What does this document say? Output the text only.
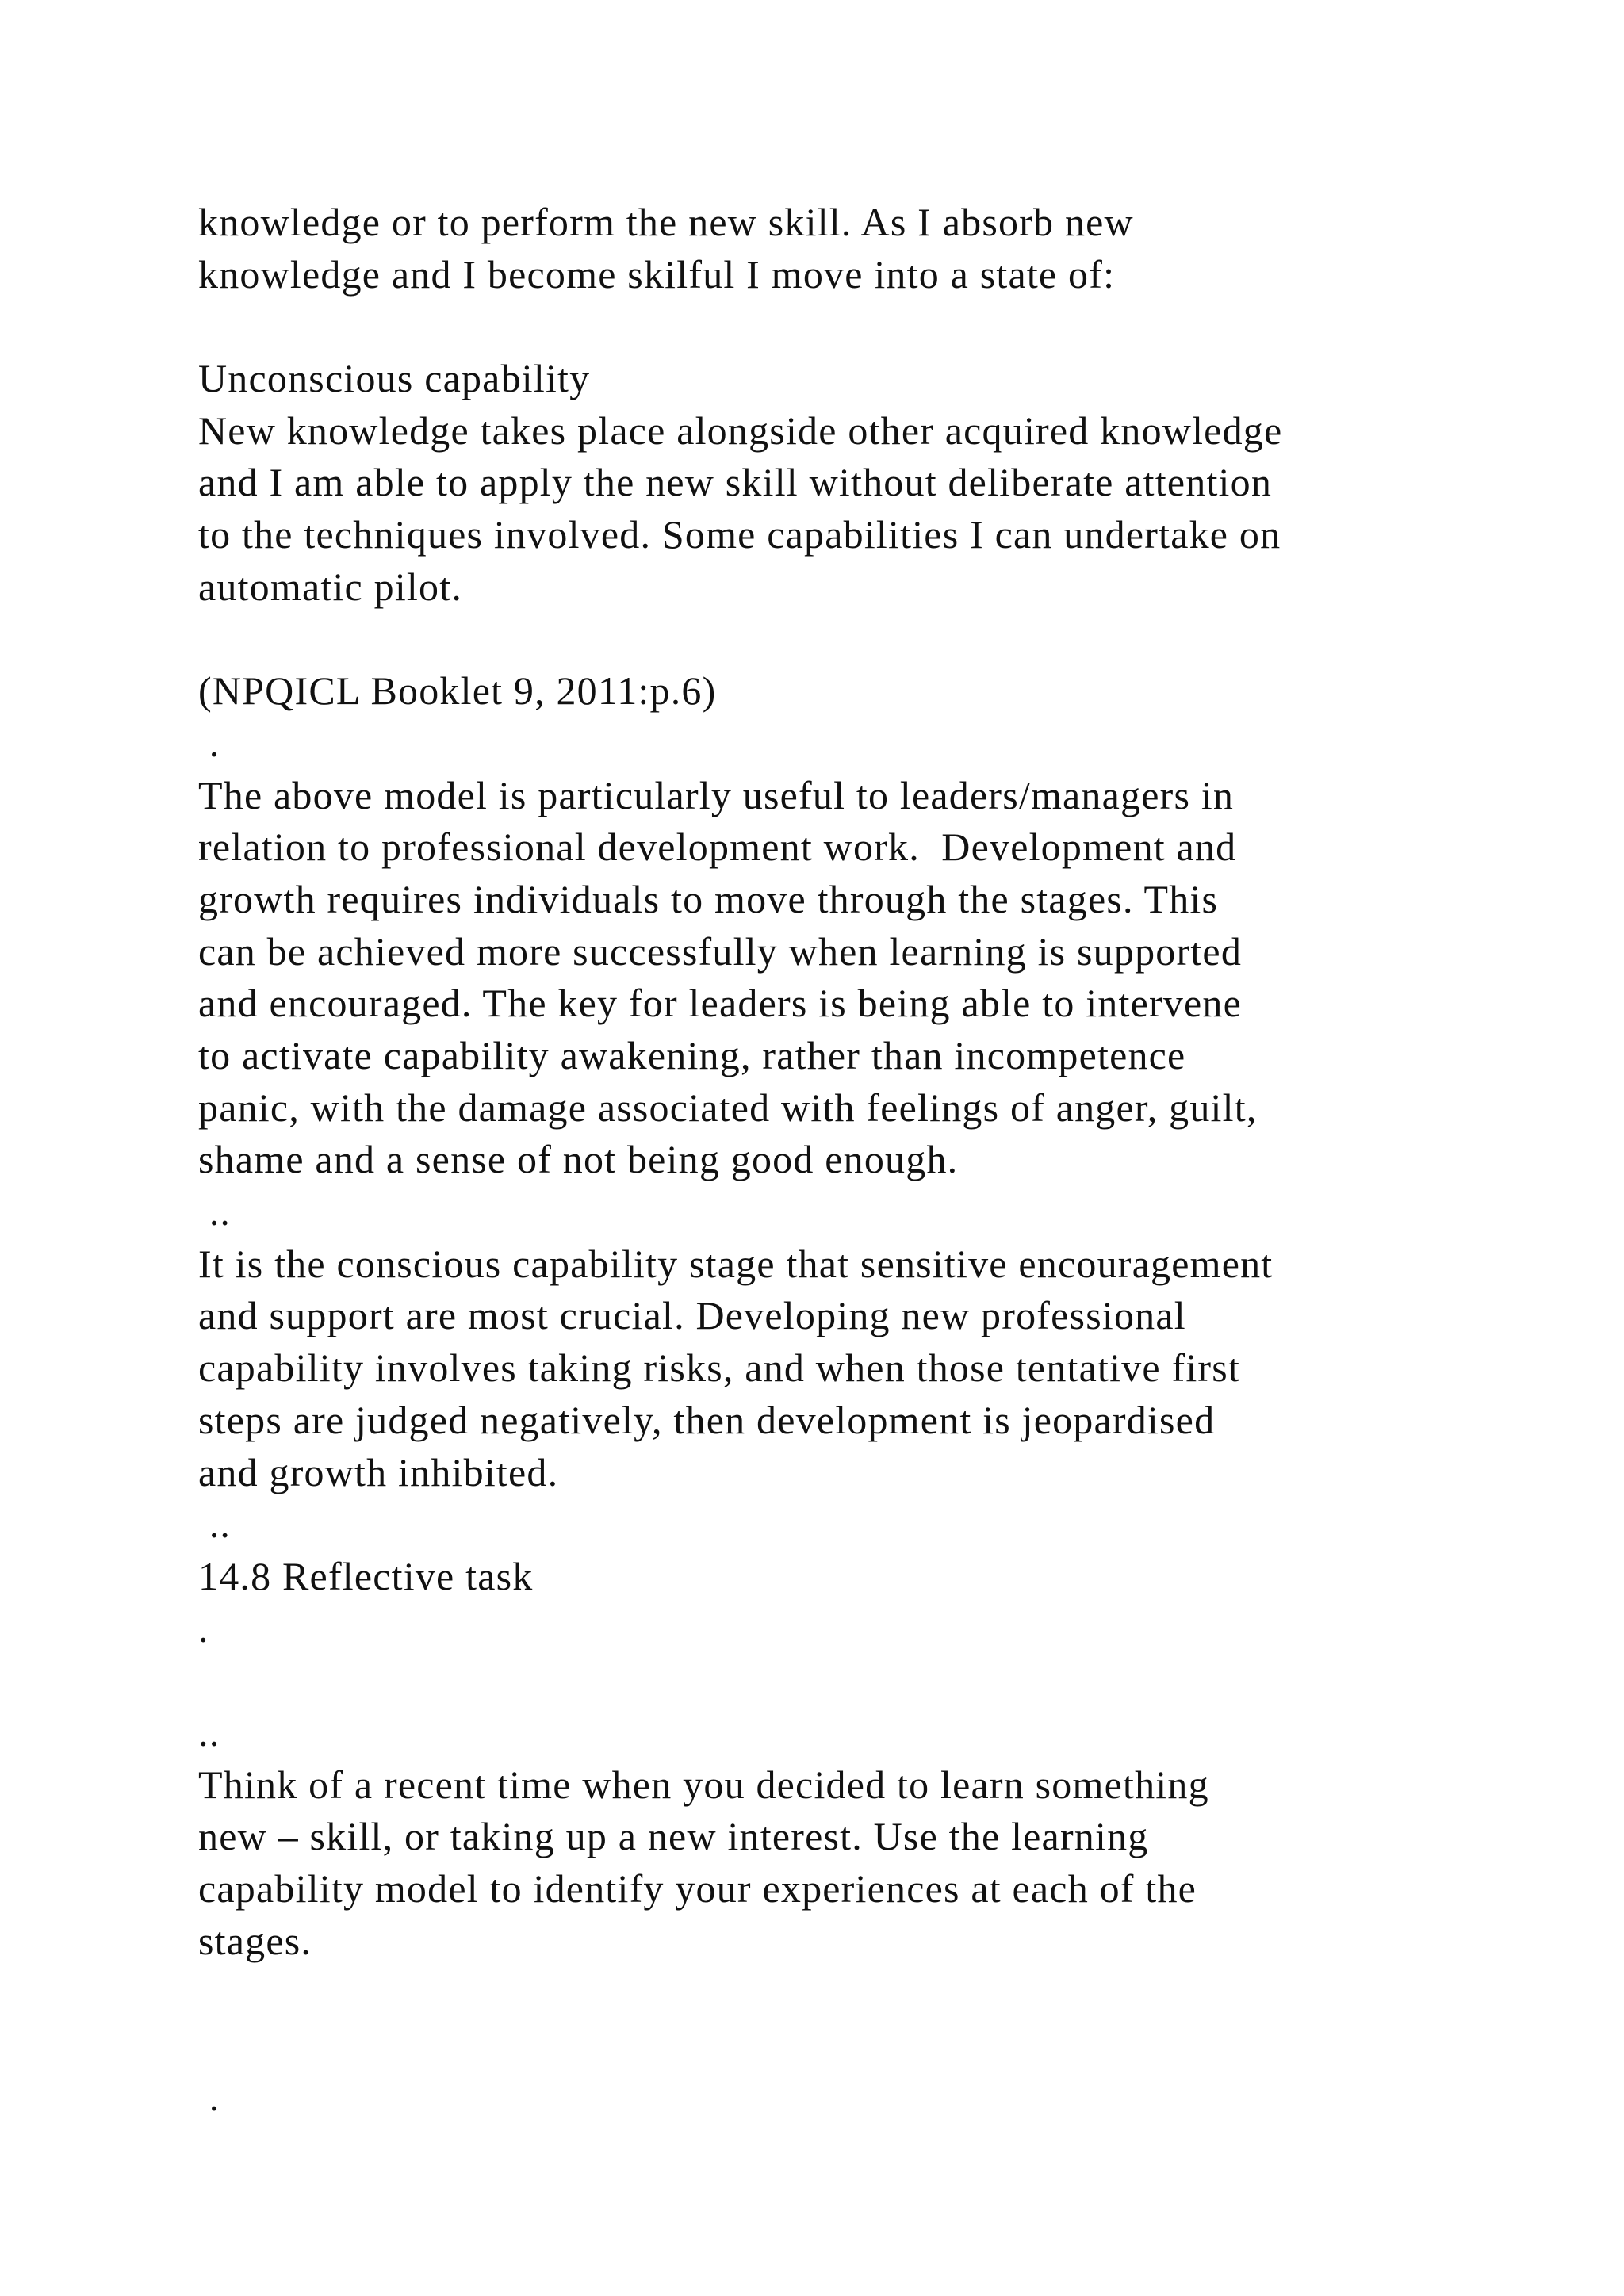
knowledge or to perform the new skill. As I absorb new
knowledge and I become skilful I move into a state of:
Unconscious capability
New knowledge takes place alongside other acquired knowledge
and I am able to apply the new skill without deliberate attention
to the techniques involved. Some capabilities I can undertake on
automatic pilot.
(NPQICL Booklet 9, 2011:p.6)
.
The above model is particularly useful to leaders/managers in
relation to professional development work.  Development and
growth requires individuals to move through the stages. This
can be achieved more successfully when learning is supported
and encouraged. The key for leaders is being able to intervene
to activate capability awakening, rather than incompetence
panic, with the damage associated with feelings of anger, guilt,
shame and a sense of not being good enough.
..
It is the conscious capability stage that sensitive encouragement
and support are most crucial. Developing new professional
capability involves taking risks, and when those tentative first
steps are judged negatively, then development is jeopardised
and growth inhibited.
..
14.8 Reflective task
.
..
Think of a recent time when you decided to learn something
new – skill, or taking up a new interest. Use the learning
capability model to identify your experiences at each of the
stages.
.
